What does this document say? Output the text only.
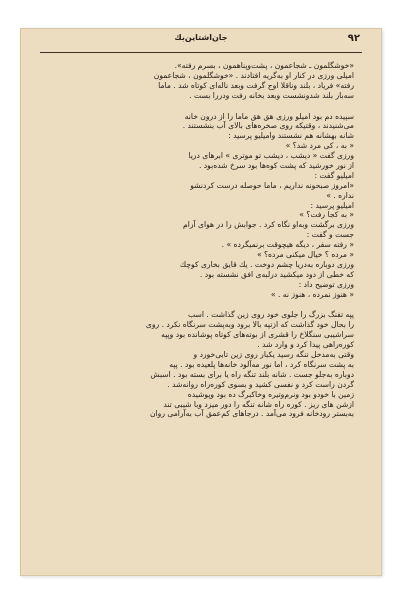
٩٢
جان‌اشتاین‌بك
«خوشگلمون ـ شجاعمون ، پشت‌وپناهمون ، بسرم رفته».
امیلی ورزی در کنار او به‌گریه افتادند . «خوشگلمون ، شجاعمون
رفته» فریاد ، بلند وناقلا اوج گرفت وبعد ناله‌ای کوتاه شد . ماما
سه‌بار بلند شدونشست وبعد بخانه رفت ودررا بست .
سپیده دم بود امیلو ورزی هق هق ماما را از درون خانه
می‌شنیدند ، وقتیکه روی صخره‌های بالای آب بنشستند .
شانه بهشانه هم نشستند وامیلیو پرسید :
« به ، کی مرد شد؟ »
ورزی گفت « دیشب ، دیشب تو موتری » ابرهای دریا
از نور خورشید که پشت کوه‌ها بود سرخ شده‌بود .
امیلیو گفت :
«امروز صبحونه نداریم ، ماما حوصله درست کردنشو
نداره . »
امیلیو پرسید :
« به کجا رفت؟ »
ورزی برگشت وبه‌او نگاه کرد . جوابش را در هوای آرام
جست و گفت :
« رفته سفر ، دیگه هیچوقت برنمیگرده » .
« مرده ؟ خیال میکنی مرده؟ »
ورزی دوباره به‌دریا چشم دوخت . یك قایق بخاری کوچك
که خطی از دود میکشید درلبه‌ی افق نشسته بود .
ورزی توضیح داد :
« هنوز نمرده ، هنوز نه . »
پپه تفنگ بزرگ را جلوی خود روی زین گذاشت . اسب
را بحال خود گذاشت که ازتپه بالا برود وبه‌پشت سرنگاه نکرد . روی
سراشیبی سنگلاخ را قشری از بوته‌های کوتاه پوشانده بود وپپه
کوره‌راهی پیدا کرد و وارد شد .
وقتی به‌مدخل تنگه رسید یکبار روی زین تابی‌خورد و
به پشت سرنگاه کرد ، اما نور مه‌آلود خانه‌ها پلعیده بود . پپه
دوباره به‌جلو جست . شانه بلند تنگه راه یا برای بسته بود . اسبش
گردن راست کرد و نفسی کشید و بسوی کوره‌راه روانه‌شد .
زمین با خودو بود ونرم‌وتیره وخاکبرگ ده بود وپوشیده
ازشن های ریز . کوره راه شانه تنگه را دور میزد وبا شیبی تند
به‌بستر رودخانه فرود می‌آمد . درجاهای کم‌عمق آب به‌آرامی روان
